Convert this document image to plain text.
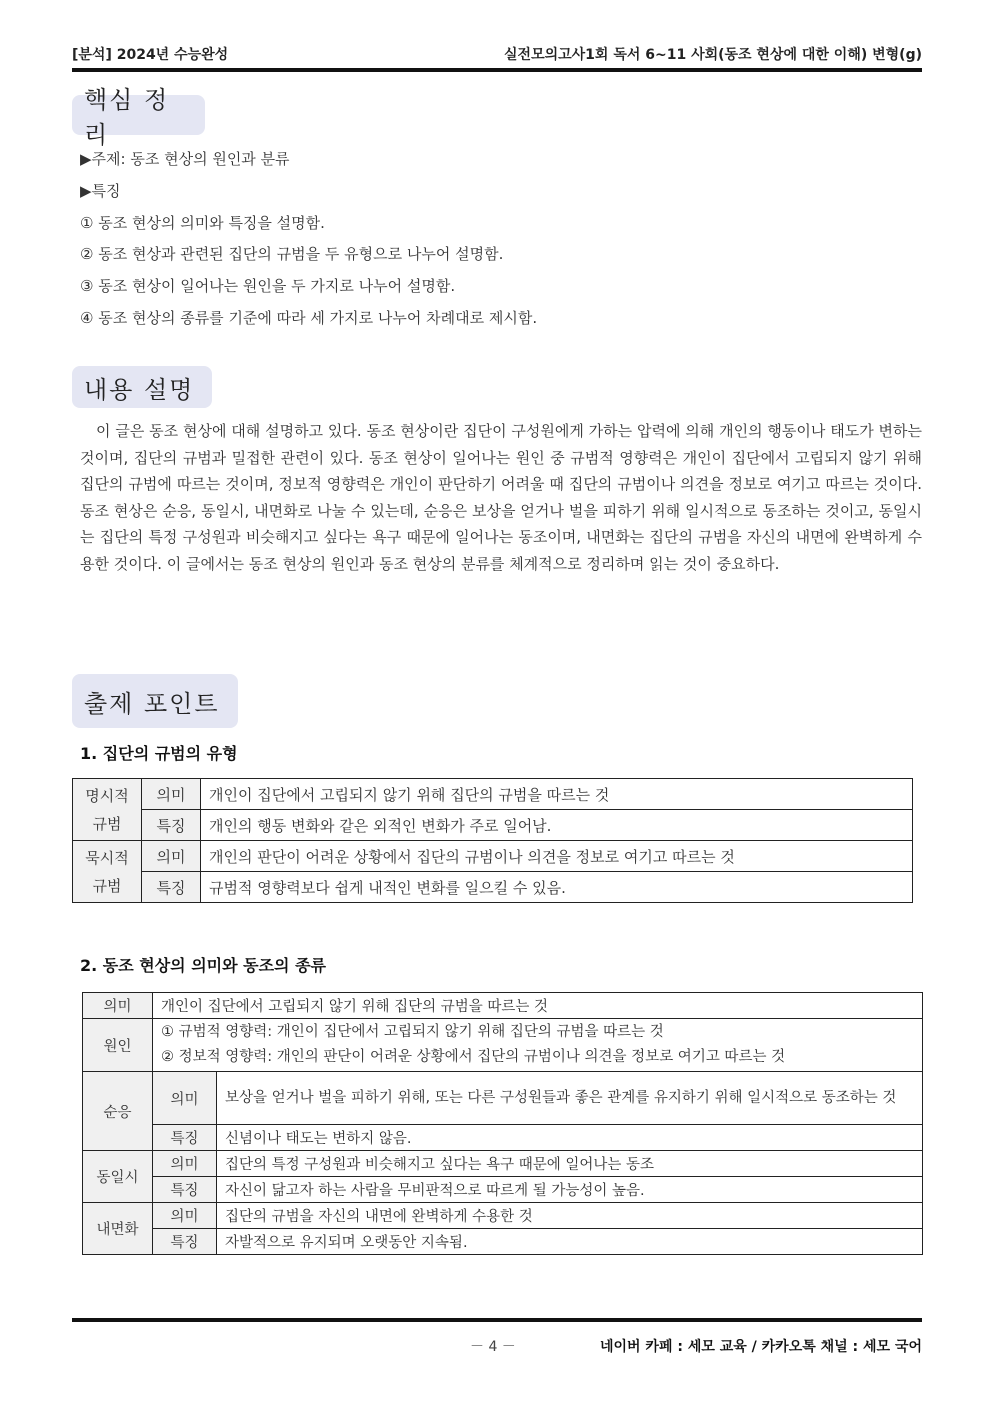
[분석] 2024년 수능완성	실전모의고사1회 독서 6~11 사회(동조 현상에 대한 이해) 변형(g)
핵심 정리
▶주제: 동조 현상의 원인과 분류
▶특징
① 동조 현상의 의미와 특징을 설명함.
② 동조 현상과 관련된 집단의 규범을 두 유형으로 나누어 설명함.
③ 동조 현상이 일어나는 원인을 두 가지로 나누어 설명함.
④ 동조 현상의 종류를 기준에 따라 세 가지로 나누어 차례대로 제시함.
내용 설명
이 글은 동조 현상에 대해 설명하고 있다. 동조 현상이란 집단이 구성원에게 가하는 압력에 의해 개인의 행동이나 태도가 변하는 것이며, 집단의 규범과 밀접한 관련이 있다. 동조 현상이 일어나는 원인 중 규범적 영향력은 개인이 집단에서 고립되지 않기 위해 집단의 규범에 따르는 것이며, 정보적 영향력은 개인이 판단하기 어려울 때 집단의 규범이나 의견을 정보로 여기고 따르는 것이다. 동조 현상은 순응, 동일시, 내면화로 나눌 수 있는데, 순응은 보상을 얻거나 벌을 피하기 위해 일시적으로 동조하는 것이고, 동일시는 집단의 특정 구성원과 비슷해지고 싶다는 욕구 때문에 일어나는 동조이며, 내면화는 집단의 규범을 자신의 내면에 완벽하게 수용한 것이다. 이 글에서는 동조 현상의 원인과 동조 현상의 분류를 체계적으로 정리하며 읽는 것이 중요하다.
출제 포인트
1. 집단의 규범의 유형
명시적 규범	의미	개인이 집단에서 고립되지 않기 위해 집단의 규범을 따르는 것
	특징	개인의 행동 변화와 같은 외적인 변화가 주로 일어남.
묵시적 규범	의미	개인의 판단이 어려운 상황에서 집단의 규범이나 의견을 정보로 여기고 따르는 것
	특징	규범적 영향력보다 쉽게 내적인 변화를 일으킬 수 있음.
2. 동조 현상의 의미와 동조의 종류
의미	개인이 집단에서 고립되지 않기 위해 집단의 규범을 따르는 것	
원인	① 규범적 영향력: 개인이 집단에서 고립되지 않기 위해 집단의 규범을 따르는 것
② 정보적 영향력: 개인의 판단이 어려운 상황에서 집단의 규범이나 의견을 정보로 여기고 따르는 것	

순응	의미	보상을 얻거나 벌을 피하기 위해, 또는 다른 구성원들과 좋은 관계를 유지하기 위해 일시적으로 동조하는 것
	특징	신념이나 태도는 변하지 않음.
동일시	의미	집단의 특정 구성원과 비슷해지고 싶다는 욕구 때문에 일어나는 동조
	특징	자신이 닮고자 하는 사람을 무비판적으로 따르게 될 가능성이 높음.
내면화	의미	집단의 규범을 자신의 내면에 완벽하게 수용한 것
	특징	자발적으로 유지되며 오랫동안 지속됨.
－ 4 －	네이버 카페 : 세모 교육 / 카카오톡 채널 : 세모 국어
